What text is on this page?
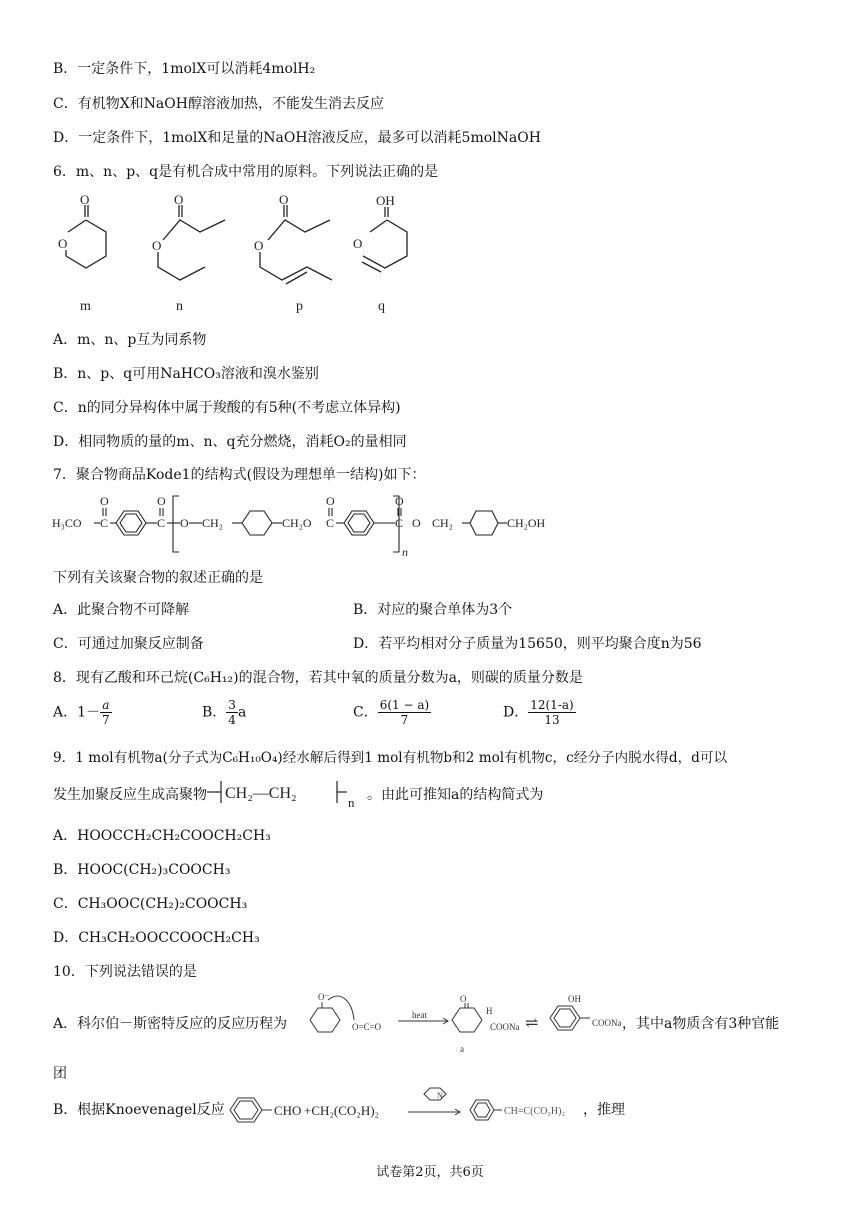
B．一定条件下，1molX可以消耗4molH₂
C．有机物X和NaOH醇溶液加热，不能发生消去反应
D．一定条件下，1molX和足量的NaOH溶液反应，最多可以消耗5molNaOH
6．m、n、p、q是有机合成中常用的原料。下列说法正确的是
O
O
m
O
O
n
O
O
p
OH
O
q
A．m、n、p互为同系物
B．n、p、q可用NaHCO₃溶液和溴水鉴别
C．n的同分异构体中属于羧酸的有5种(不考虑立体异构)
D．相同物质的量的m、n、q充分燃烧，消耗O₂的量相同
7．聚合物商品Kode1的结构式(假设为理想单一结构)如下：
H₃CO C
O
C
O
O CH₂	CH₂O C
O
C
O
O CH₂	CH₂OH
n
下列有关该聚合物的叙述正确的是
A．此聚合物不可降解	B．对应的聚合单体为3个
C．可通过加聚反应制备	D．若平均相对分子质量为15650，则平均聚合度n为56
8．现有乙酸和环己烷(C₆H₁₂)的混合物，若其中氧的质量分数为a，则碳的质量分数是
A．$1- \frac{a}{7}$	B． $\frac{3}{4}$ a	C． $\frac{6(1 - a)}{7}$	D． $\frac{12(1-a)}{13}$
9．1 mol有机物a(分子式为C₆H₁₀O₄)经水解后得到1 mol有机物b和2 mol有机物c，c经分子内脱水得d，d可以
发生加聚反应生成高聚物 CH₂—CH₂
n 。由此可推知a的结构简式为
A．HOOCCH₂CH₂COOCH₂CH₃
B．HOOC(CH₂)₃COOCH₃
C．CH₃OOC(CH₂)₂COOCH₃
D．CH₃CH₂OOCCOOCH₂CH₃
10．下列说法错误的是
A．科尔伯－斯密特反应的反应历程为
O⁻
O=C=O
heat
O
H
COONa
a
OH
COONa
⇌	，其中a物质含有3种官能
团
B．根据Knoevenagel反应	CHO +CH₂(CO₂H)₂
N
CH=C(CO₂H)₂ ，推理
试卷第2页，共6页
